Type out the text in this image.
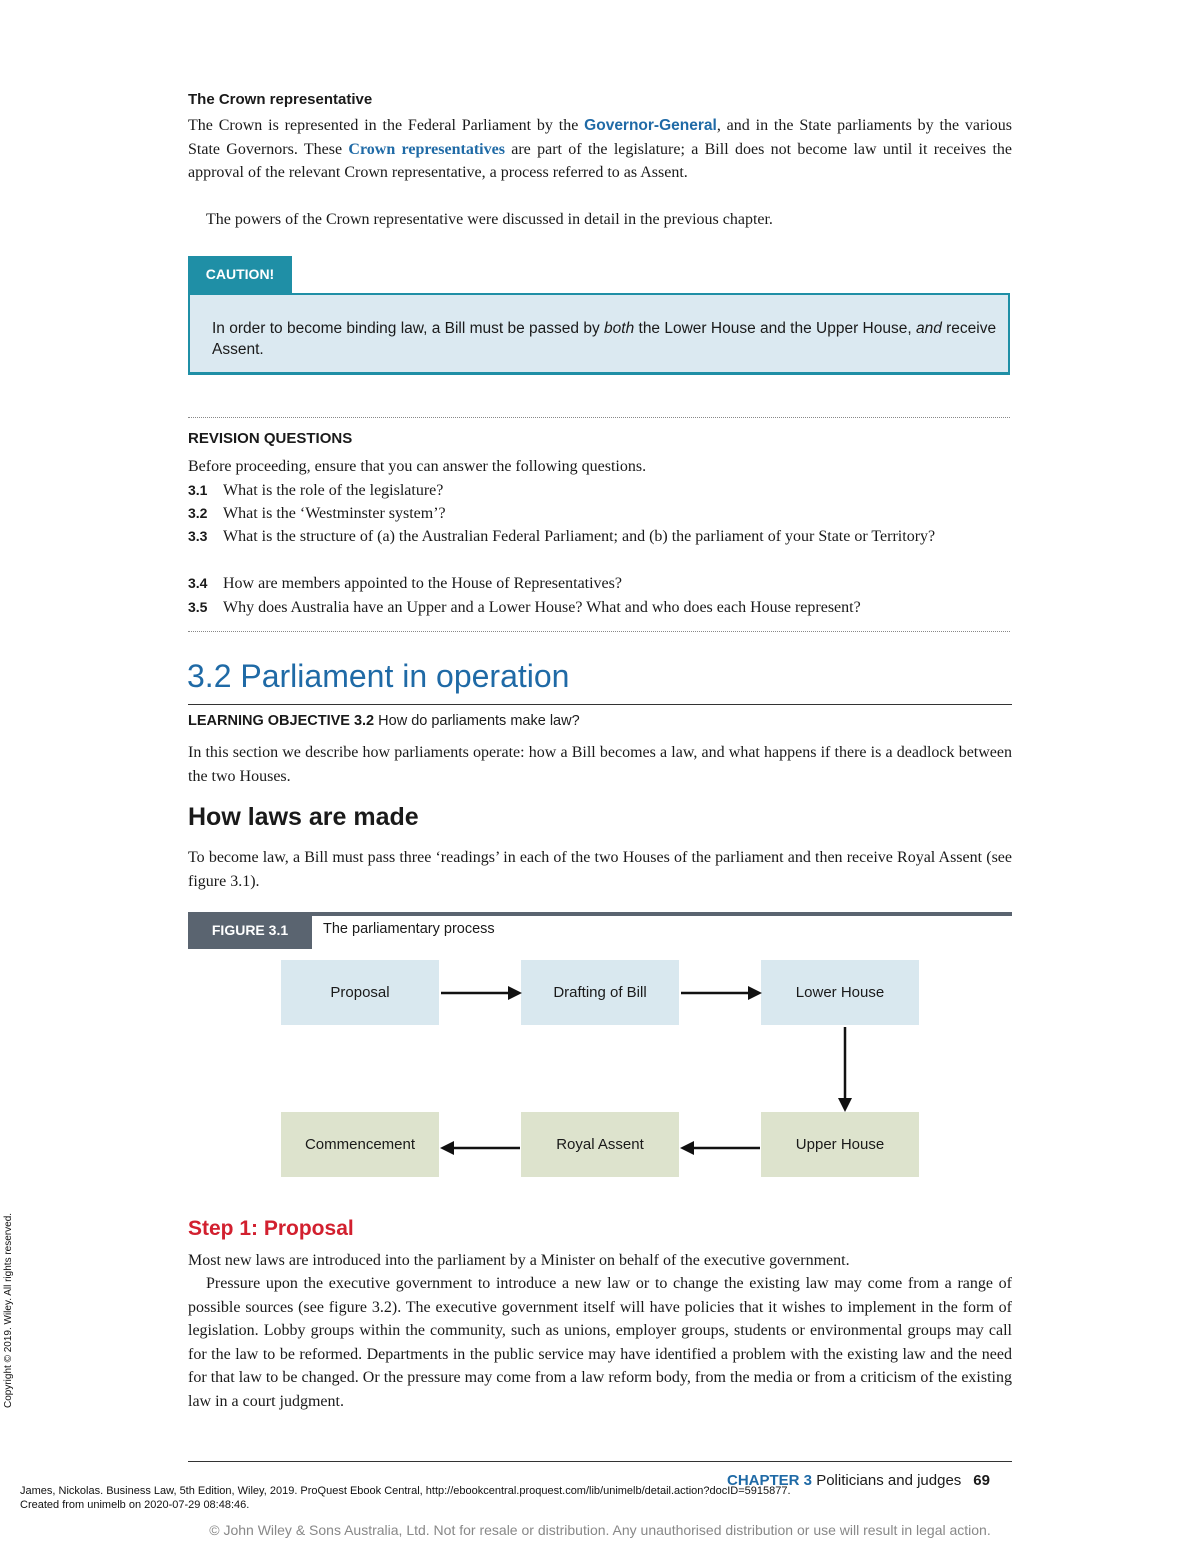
The Crown representative
The Crown is represented in the Federal Parliament by the Governor-General, and in the State parliaments by the various State Governors. These Crown representatives are part of the legislature; a Bill does not become law until it receives the approval of the relevant Crown representative, a process referred to as Assent.
The powers of the Crown representative were discussed in detail in the previous chapter.
CAUTION!
In order to become binding law, a Bill must be passed by both the Lower House and the Upper House, and receive Assent.
REVISION QUESTIONS
Before proceeding, ensure that you can answer the following questions.
3.1 What is the role of the legislature?
3.2 What is the ‘Westminster system’?
3.3 What is the structure of (a) the Australian Federal Parliament; and (b) the parliament of your State or Territory?
3.4 How are members appointed to the House of Representatives?
3.5 Why does Australia have an Upper and a Lower House? What and who does each House represent?
3.2 Parliament in operation
LEARNING OBJECTIVE 3.2 How do parliaments make law?
In this section we describe how parliaments operate: how a Bill becomes a law, and what happens if there is a deadlock between the two Houses.
How laws are made
To become law, a Bill must pass three ‘readings’ in each of the two Houses of the parliament and then receive Royal Assent (see figure 3.1).
FIGURE 3.1	The parliamentary process
Proposal	Drafting of Bill	Lower House
Commencement	Royal Assent	Upper House
Step 1: Proposal
Most new laws are introduced into the parliament by a Minister on behalf of the executive government.
Pressure upon the executive government to introduce a new law or to change the existing law may come from a range of possible sources (see figure 3.2). The executive government itself will have policies that it wishes to implement in the form of legislation. Lobby groups within the community, such as unions, employer groups, students or environmental groups may call for the law to be reformed. Departments in the public service may have identified a problem with the existing law and the need for that law to be changed. Or the pressure may come from a law reform body, from the media or from a criticism of the existing law in a court judgment.
CHAPTER 3 Politicians and judges 69
James, Nickolas. Business Law, 5th Edition, Wiley, 2019. ProQuest Ebook Central, http://ebookcentral.proquest.com/lib/unimelb/detail.action?docID=5915877.
Created from unimelb on 2020-07-29 08:48:46.
© John Wiley & Sons Australia, Ltd. Not for resale or distribution. Any unauthorised distribution or use will result in legal action.
Copyright © 2019. Wiley. All rights reserved.
